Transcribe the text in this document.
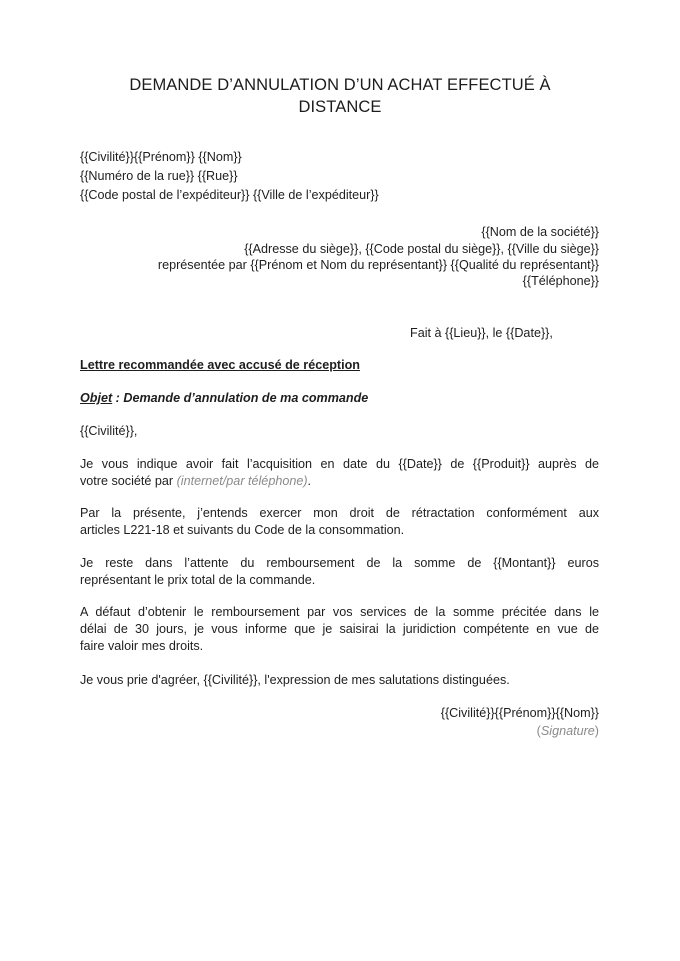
DEMANDE D’ANNULATION D’UN ACHAT EFFECTUÉ À
DISTANCE
{{Civilité}}{{Prénom}} {{Nom}}
{{Numéro de la rue}} {{Rue}}
{{Code postal de l’expéditeur}} {{Ville de l’expéditeur}}
{{Nom de la société}}
{{Adresse du siège}}, {{Code postal du siège}}, {{Ville du siège}}
représentée par {{Prénom et Nom du représentant}} {{Qualité du représentant}}
{{Téléphone}}
Fait à {{Lieu}}, le {{Date}},
Lettre recommandée avec accusé de réception
Objet : Demande d’annulation de ma commande
{{Civilité}},
Je vous indique avoir fait l’acquisition en date du {{Date}} de {{Produit}} auprès de
votre société par (internet/par téléphone).
Par la présente, j’entends exercer mon droit de rétractation conformément aux
articles L221-18 et suivants du Code de la consommation.
Je reste dans l’attente du remboursement de la somme de {{Montant}} euros
représentant le prix total de la commande.
A défaut d’obtenir le remboursement par vos services de la somme précitée dans le
délai de 30 jours, je vous informe que je saisirai la juridiction compétente en vue de
faire valoir mes droits.
Je vous prie d'agréer, {{Civilité}}, l'expression de mes salutations distinguées.
{{Civilité}}{{Prénom}}{{Nom}}
(Signature)
